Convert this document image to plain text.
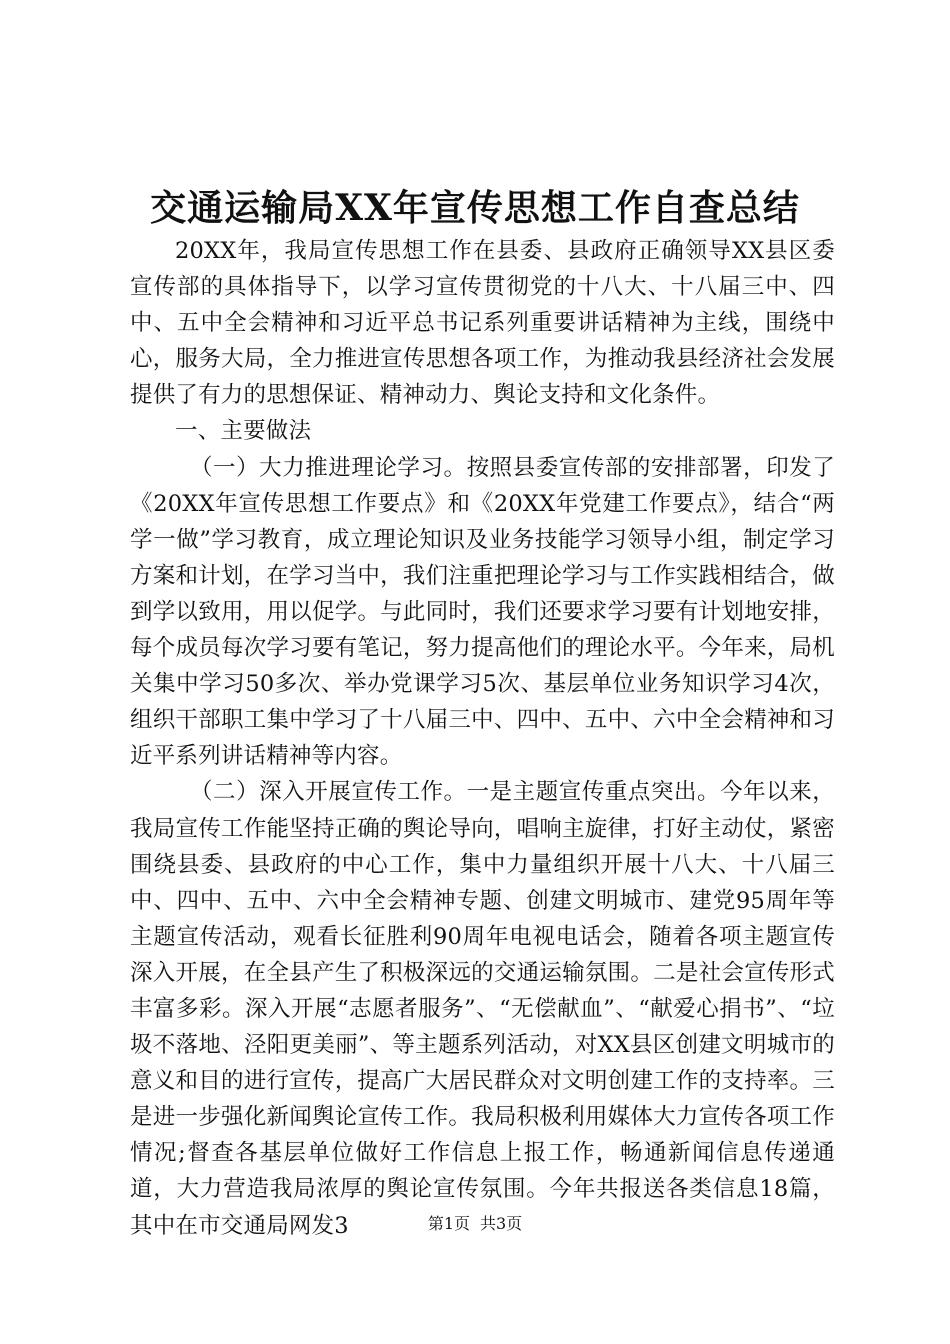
交通运输局XX年宣传思想工作自查总结

20XX年，我局宣传思想工作在县委、县政府正确领导XX县区委宣传部的具体指导下，以学习宣传贯彻党的十八大、十八届三中、四中、五中全会精神和习近平总书记系列重要讲话精神为主线，围绕中心，服务大局，全力推进宣传思想各项工作，为推动我县经济社会发展提供了有力的思想保证、精神动力、舆论支持和文化条件。

一、主要做法

（一）大力推进理论学习。按照县委宣传部的安排部署，印发了《20XX年宣传思想工作要点》和《20XX年党建工作要点》，结合“两学一做”学习教育，成立理论知识及业务技能学习领导小组，制定学习方案和计划，在学习当中，我们注重把理论学习与工作实践相结合，做到学以致用，用以促学。与此同时，我们还要求学习要有计划地安排，每个成员每次学习要有笔记，努力提高他们的理论水平。今年来，局机关集中学习50多次、举办党课学习5次、基层单位业务知识学习4次，组织干部职工集中学习了十八届三中、四中、五中、六中全会精神和习近平系列讲话精神等内容。

（二）深入开展宣传工作。一是主题宣传重点突出。今年以来，我局宣传工作能坚持正确的舆论导向，唱响主旋律，打好主动仗，紧密围绕县委、县政府的中心工作，集中力量组织开展十八大、十八届三中、四中、五中、六中全会精神专题、创建文明城市、建党95周年等主题宣传活动，观看长征胜利90周年电视电话会，随着各项主题宣传深入开展，在全县产生了积极深远的交通运输氛围。二是社会宣传形式丰富多彩。深入开展“志愿者服务”、“无偿献血”、“献爱心捐书”、“垃圾不落地、泾阳更美丽”、等主题系列活动，对XX县区创建文明城市的意义和目的进行宣传，提高广大居民群众对文明创建工作的支持率。三是进一步强化新闻舆论宣传工作。我局积极利用媒体大力宣传各项工作情况;督查各基层单位做好工作信息上报工作，畅通新闻信息传递通道，大力营造我局浓厚的舆论宣传氛围。今年共报送各类信息18篇，其中在市交通局网发3	第1页 共3页
